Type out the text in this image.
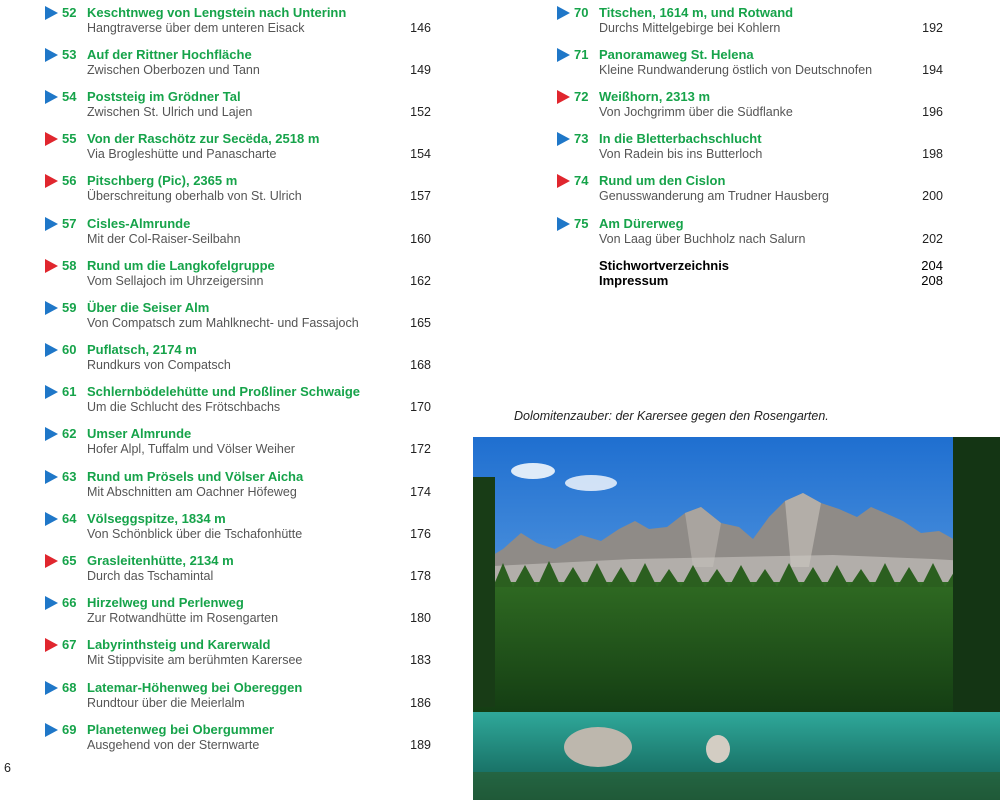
52 Keschtnweg von Lengstein nach Unterinn
Hangtraverse über dem unteren Eisack	146
53 Auf der Rittner Hochfläche
Zwischen Oberbozen und Tann	149
54 Poststeig im Grödner Tal
Zwischen St. Ulrich und Lajen	152
55 Von der Raschötz zur Secëda, 2518 m
Via Brogleshütte und Panascharte	154
56 Pitschberg (Pic), 2365 m
Überschreitung oberhalb von St. Ulrich	157
57 Cisles-Almrunde
Mit der Col-Raiser-Seilbahn	160
58 Rund um die Langkofelgruppe
Vom Sellajoch im Uhrzeigersinn	162
59 Über die Seiser Alm
Von Compatsch zum Mahlknecht- und Fassajoch	165
60 Puflatsch, 2174 m
Rundkurs von Compatsch	168
61 Schlernbödelehütte und Proßliner Schwaige
Um die Schlucht des Frötschbachs	170
62 Umser Almrunde
Hofer Alpl, Tuffalm und Völser Weiher	172
63 Rund um Prösels und Völser Aicha
Mit Abschnitten am Oachner Höfeweg	174
64 Völseggspitze, 1834 m
Von Schönblick über die Tschafonhütte	176
65 Grasleitenhütte, 2134 m
Durch das Tschamintal	178
66 Hirzelweg und Perlenweg
Zur Rotwandhütte im Rosengarten	180
67 Labyrinthsteig und Karerwald
Mit Stippvisite am berühmten Karersee	183
68 Latemar-Höhenweg bei Obereggen
Rundtour über die Meierlalm	186
69 Planetenweg bei Obergummer
Ausgehend von der Sternwarte	189
70 Titschen, 1614 m, und Rotwand
Durchs Mittelgebirge bei Kohlern	192
71 Panoramaweg St. Helena
Kleine Rundwanderung östlich von Deutschnofen	194
72 Weißhorn, 2313 m
Von Jochgrimm über die Südflanke	196
73 In die Bletterbachschlucht
Von Radein bis ins Butterloch	198
74 Rund um den Cislon
Genusswanderung am Trudner Hausberg	200
75 Am Dürerweg
Von Laag über Buchholz nach Salurn	202
Stichwortverzeichnis	204
Impressum	208
Dolomitenzauber: der Karersee gegen den Rosengarten.
6
